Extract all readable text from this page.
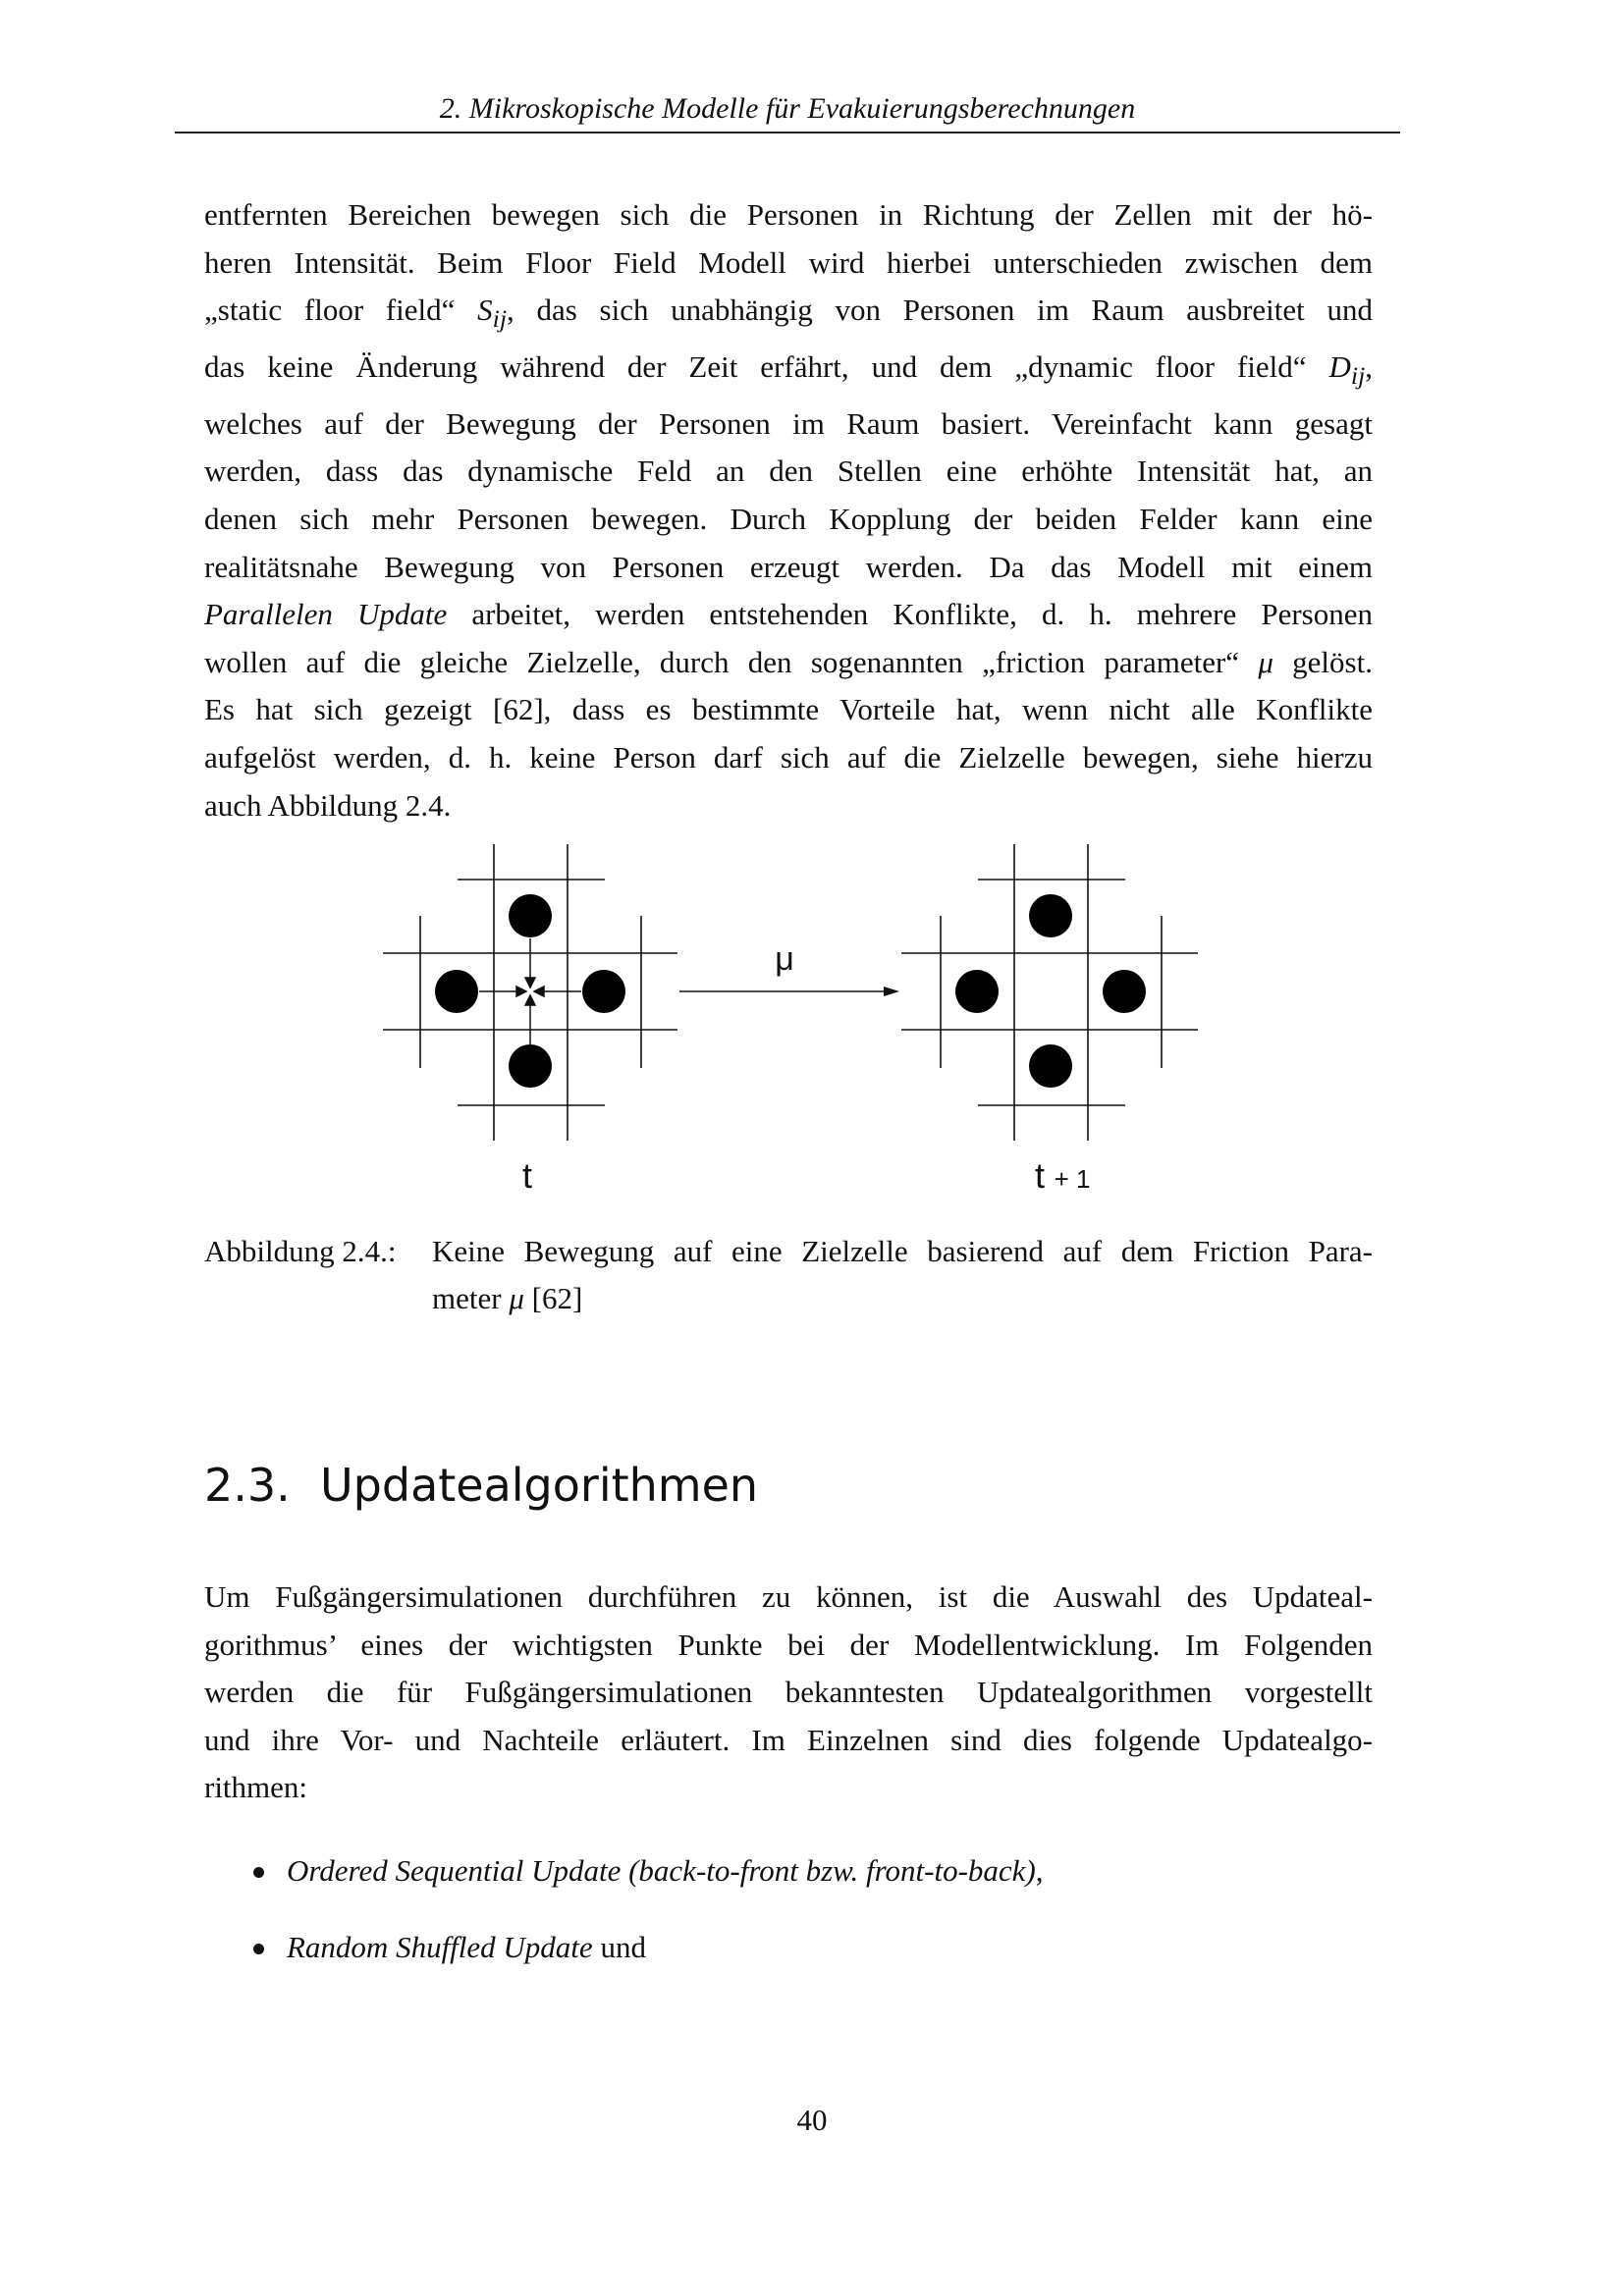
2. Mikroskopische Modelle für Evakuierungsberechnungen
entfernten Bereichen bewegen sich die Personen in Richtung der Zellen mit der hö-
heren Intensität. Beim Floor Field Modell wird hierbei unterschieden zwischen dem
„static floor field“ $S_{ij}$, das sich unabhängig von Personen im Raum ausbreitet und
das keine Änderung während der Zeit erfährt, und dem „dynamic floor field“ $D_{ij}$,
welches auf der Bewegung der Personen im Raum basiert. Vereinfacht kann gesagt
werden, dass das dynamische Feld an den Stellen eine erhöhte Intensität hat, an
denen sich mehr Personen bewegen. Durch Kopplung der beiden Felder kann eine
realitätsnahe Bewegung von Personen erzeugt werden. Da das Modell mit einem
Parallelen Update arbeitet, werden entstehenden Konflikte, d. h. mehrere Personen
wollen auf die gleiche Zielzelle, durch den sogenannten „friction parameter“ μ gelöst.
Es hat sich gezeigt [62], dass es bestimmte Vorteile hat, wenn nicht alle Konflikte
aufgelöst werden, d. h. keine Person darf sich auf die Zielzelle bewegen, siehe hierzu
auch Abbildung 2.4.
μ
t	t + 1
Abbildung 2.4.:	Keine Bewegung auf eine Zielzelle basierend auf dem Friction Para-
meter μ [62]
2.3. Updatealgorithmen
Um Fußgängersimulationen durchführen zu können, ist die Auswahl des Updateal-
gorithmus’ eines der wichtigsten Punkte bei der Modellentwicklung. Im Folgenden
werden die für Fußgängersimulationen bekanntesten Updatealgorithmen vorgestellt
und ihre Vor- und Nachteile erläutert. Im Einzelnen sind dies folgende Updatealgo-
rithmen:
Ordered Sequential Update (back-to-front bzw. front-to-back),
Random Shuffled Update und
40
